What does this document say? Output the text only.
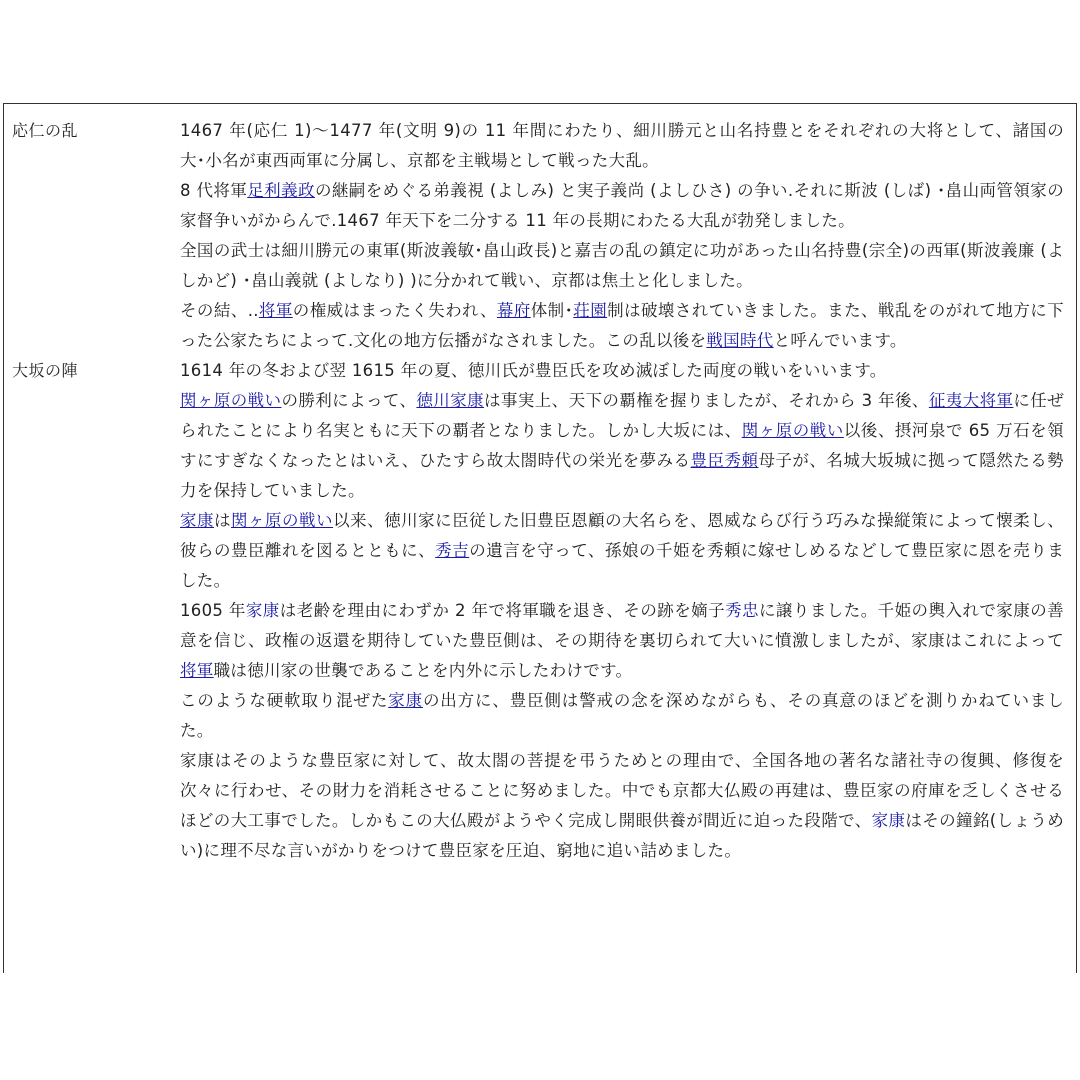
応仁の乱	1467 年(応仁 1)～1477 年(文明 9)の 11 年間にわたり、細川勝元と山名持豊とをそれぞれの大将として、諸国の大･小名が東西両軍に分属し、京都を主戦場として戦った大乱。

8 代将軍足利義政の継嗣をめぐる弟義視 (よしみ) と実子義尚 (よしひさ) の争い.それに斯波 (しば) ･畠山両管領家の家督争いがからんで.1467 年天下を二分する 11 年の長期にわたる大乱が勃発しました。

全国の武士は細川勝元の東軍(斯波義敏･畠山政長)と嘉吉の乱の鎮定に功があった山名持豊(宗全)の西軍(斯波義廉 (よしかど) ･畠山義就 (よしなり) )に分かれて戦い、京都は焦土と化しました。

その結、..将軍の権威はまったく失われ、幕府体制･荘園制は破壊されていきました。また、戦乱をのがれて地方に下った公家たちによって.文化の地方伝播がなされました。この乱以後を戦国時代と呼んでいます。

大坂の陣	1614 年の冬および翌 1615 年の夏、徳川氏が豊臣氏を攻め滅ぼした両度の戦いをいいます。

関ヶ原の戦いの勝利によって、徳川家康は事実上、天下の覇権を握りましたが、それから 3 年後、征夷大将軍に任ぜられたことにより名実ともに天下の覇者となりました。しかし大坂には、関ヶ原の戦い以後、摂河泉で 65 万石を領すにすぎなくなったとはいえ、ひたすら故太閤時代の栄光を夢みる豊臣秀頼母子が、名城大坂城に拠って隠然たる勢力を保持していました。

家康は関ヶ原の戦い以来、徳川家に臣従した旧豊臣恩顧の大名らを、恩威ならび行う巧みな操縦策によって懐柔し、彼らの豊臣離れを図るとともに、秀吉の遺言を守って、孫娘の千姫を秀頼に嫁せしめるなどして豊臣家に恩を売りました。

1605 年家康は老齢を理由にわずか 2 年で将軍職を退き、その跡を嫡子秀忠に譲りました。千姫の輿入れで家康の善意を信じ、政権の返還を期待していた豊臣側は、その期待を裏切られて大いに憤激しましたが、家康はこれによって将軍職は徳川家の世襲であることを内外に示したわけです。

このような硬軟取り混ぜた家康の出方に、豊臣側は警戒の念を深めながらも、その真意のほどを測りかねていました。

家康はそのような豊臣家に対して、故太閤の菩提を弔うためとの理由で、全国各地の著名な諸社寺の復興、修復を次々に行わせ、その財力を消耗させることに努めました。中でも京都大仏殿の再建は、豊臣家の府庫を乏しくさせるほどの大工事でした。しかもこの大仏殿がようやく完成し開眼供養が間近に迫った段階で、家康はその鐘銘(しょうめい)に理不尽な言いがかりをつけて豊臣家を圧迫、窮地に追い詰めました。
